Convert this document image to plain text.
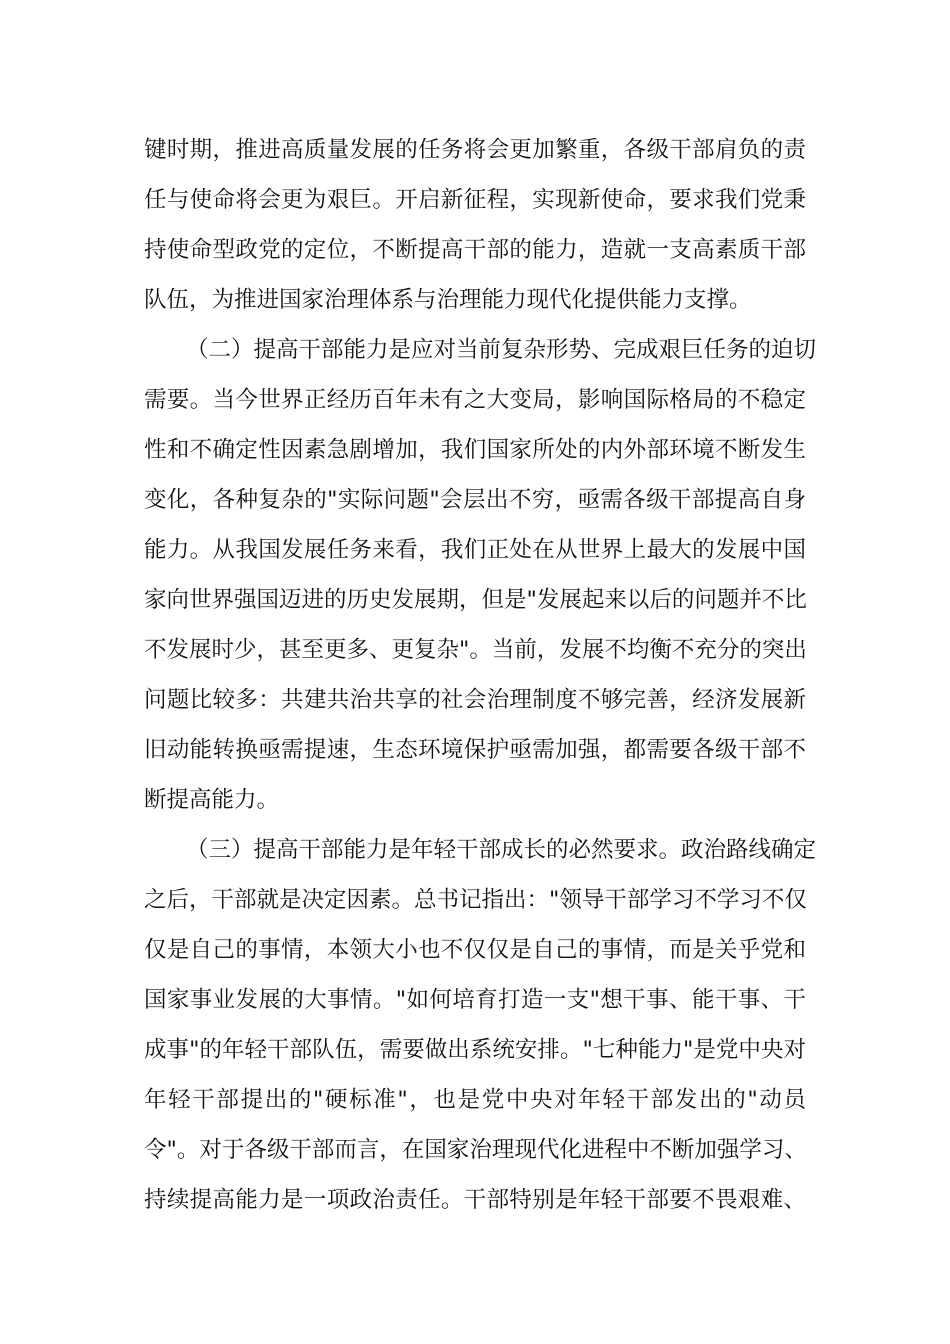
键时期，推进高质量发展的任务将会更加繁重，各级干部肩负的责
任与使命将会更为艰巨。开启新征程，实现新使命，要求我们党秉
持使命型政党的定位，不断提高干部的能力，造就一支高素质干部
队伍，为推进国家治理体系与治理能力现代化提供能力支撑。
（二）提高干部能力是应对当前复杂形势、完成艰巨任务的迫切
需要。当今世界正经历百年未有之大变局，影响国际格局的不稳定
性和不确定性因素急剧增加，我们国家所处的内外部环境不断发生
变化，各种复杂的"实际问题"会层出不穷，亟需各级干部提高自身
能力。从我国发展任务来看，我们正处在从世界上最大的发展中国
家向世界强国迈进的历史发展期，但是"发展起来以后的问题并不比
不发展时少，甚至更多、更复杂"。当前，发展不均衡不充分的突出
问题比较多：共建共治共享的社会治理制度不够完善，经济发展新
旧动能转换亟需提速，生态环境保护亟需加强，都需要各级干部不
断提高能力。
（三）提高干部能力是年轻干部成长的必然要求。政治路线确定
之后，干部就是决定因素。总书记指出："领导干部学习不学习不仅
仅是自己的事情，本领大小也不仅仅是自己的事情，而是关乎党和
国家事业发展的大事情。"如何培育打造一支"想干事、能干事、干
成事"的年轻干部队伍，需要做出系统安排。"七种能力"是党中央对
年轻干部提出的"硬标准"，也是党中央对年轻干部发出的"动员
令"。对于各级干部而言，在国家治理现代化进程中不断加强学习、
持续提高能力是一项政治责任。干部特别是年轻干部要不畏艰难、
